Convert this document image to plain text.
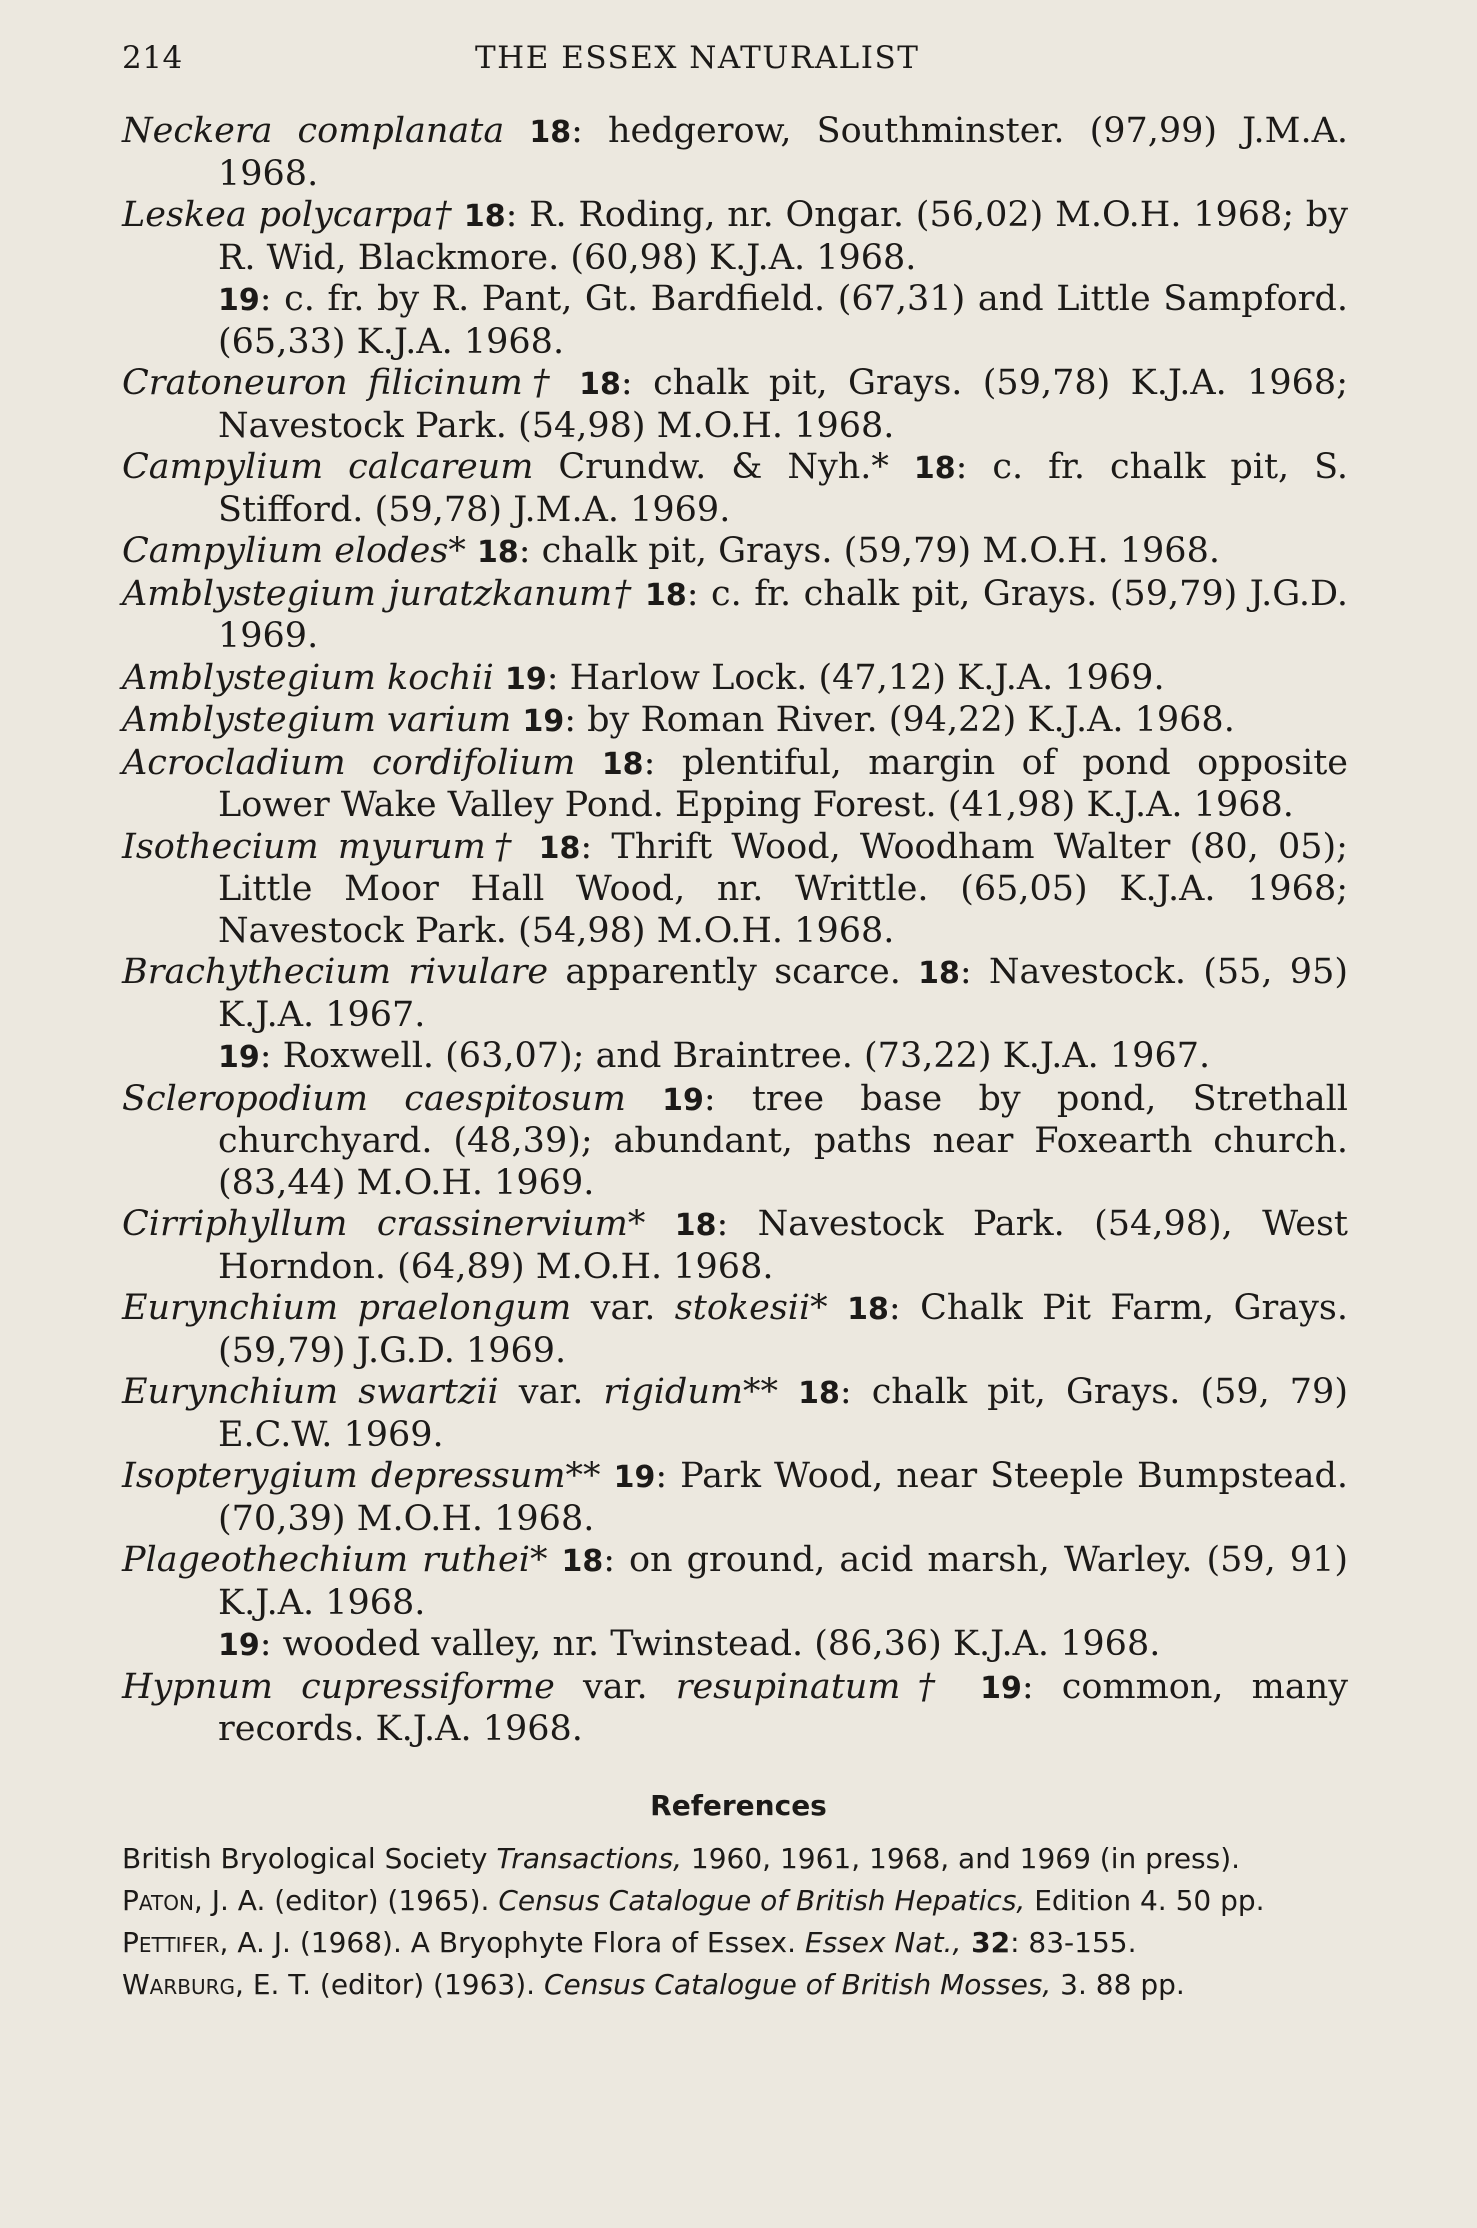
214	THE ESSEX NATURALIST

Neckera complanata 18: hedgerow, Southminster. (97,99) J.M.A. 1968.

Leskea polycarpa† 18: R. Roding, nr. Ongar. (56,02) M.O.H. 1968; by R. Wid, Blackmore. (60,98) K.J.A. 1968.

19: c. fr. by R. Pant, Gt. Bardfield. (67,31) and Little Sampford. (65,33) K.J.A. 1968.

Cratoneuron filicinum† 18: chalk pit, Grays. (59,78) K.J.A. 1968; Navestock Park. (54,98) M.O.H. 1968.

Campylium calcareum Crundw. & Nyh.* 18: c. fr. chalk pit, S. Stifford. (59,78) J.M.A. 1969.

Campylium elodes* 18: chalk pit, Grays. (59,79) M.O.H. 1968.

Amblystegium juratzkanum† 18: c. fr. chalk pit, Grays. (59,79) J.G.D. 1969.

Amblystegium kochii 19: Harlow Lock. (47,12) K.J.A. 1969.

Amblystegium varium 19: by Roman River. (94,22) K.J.A. 1968.

Acrocladium cordifolium 18: plentiful, margin of pond opposite Lower Wake Valley Pond. Epping Forest. (41,98) K.J.A. 1968.

Isothecium myurum† 18: Thrift Wood, Woodham Walter (80, 05); Little Moor Hall Wood, nr. Writtle. (65,05) K.J.A. 1968; Navestock Park. (54,98) M.O.H. 1968.

Brachythecium rivulare apparently scarce. 18: Navestock. (55, 95) K.J.A. 1967.

19: Roxwell. (63,07); and Braintree. (73,22) K.J.A. 1967.

Scleropodium caespitosum 19: tree base by pond, Strethall churchyard. (48,39); abundant, paths near Foxearth church. (83,44) M.O.H. 1969.

Cirriphyllum crassinervium* 18: Navestock Park. (54,98), West Horndon. (64,89) M.O.H. 1968.

Eurynchium praelongum var. stokesii* 18: Chalk Pit Farm, Grays. (59,79) J.G.D. 1969.

Eurynchium swartzii var. rigidum** 18: chalk pit, Grays. (59, 79) E.C.W. 1969.

Isopterygium depressum** 19: Park Wood, near Steeple Bumpstead. (70,39) M.O.H. 1968.

Plageothechium ruthei* 18: on ground, acid marsh, Warley. (59, 91) K.J.A. 1968.

19: wooded valley, nr. Twinstead. (86,36) K.J.A. 1968.

Hypnum cupressiforme var. resupinatum† 19: common, many records. K.J.A. 1968.

References

British Bryological Society Transactions, 1960, 1961, 1968, and 1969 (in press).

Paton, J. A. (editor) (1965). Census Catalogue of British Hepatics, Edition 4. 50 pp.

Pettifer, A. J. (1968). A Bryophyte Flora of Essex. Essex Nat., 32: 83-155.

Warburg, E. T. (editor) (1963). Census Catalogue of British Mosses, 3. 88 pp.
